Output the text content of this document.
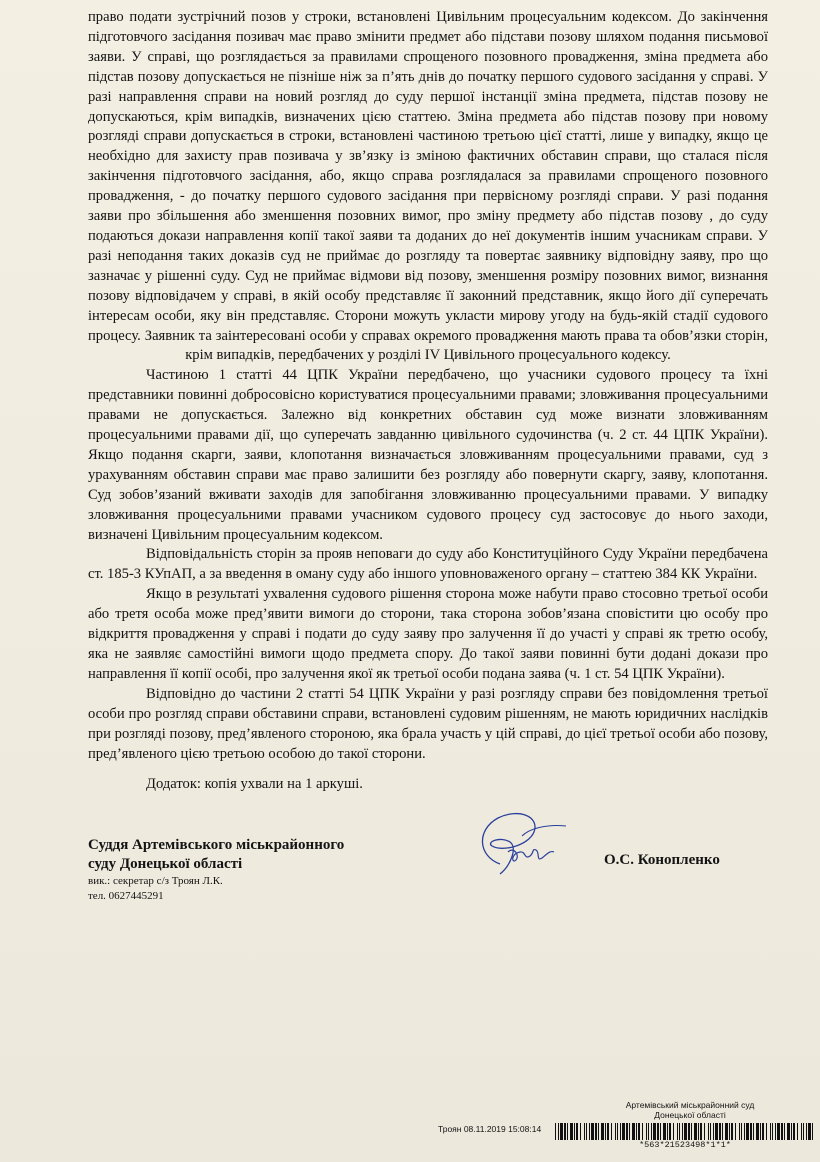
право подати зустрічний позов у строки, встановлені Цивільним процесуальним кодексом. До закінчення підготовчого засідання позивач має право змінити предмет або підстави позову шляхом подання письмової заяви. У справі, що розглядається за правилами спрощеного позовного провадження, зміна предмета або підстав позову допускається не пізніше ніж за п’ять днів до початку першого судового засідання у справі. У разі направлення справи на новий розгляд до суду першої інстанції зміна предмета, підстав позову не допускаються, крім випадків, визначених цією статтею. Зміна предмета або підстав позову при новому розгляді справи допускається в строки, встановлені частиною третьою цієї статті, лише у випадку, якщо це необхідно для захисту прав позивача у зв’язку із зміною фактичних обставин справи, що сталася після закінчення підготовчого засідання, або, якщо справа розглядалася за правилами спрощеного позовного провадження, - до початку першого судового засідання при первісному розгляді справи. У разі подання заяви про збільшення або зменшення позовних вимог, про зміну предмету або підстав позову , до суду подаються докази направлення копії такої заяви та доданих до неї документів іншим учасникам справи. У разі неподання таких доказів суд не приймає до розгляду та повертає заявнику відповідну заяву, про що зазначає у рішенні суду. Суд не приймає відмови від позову, зменшення розміру позовних вимог, визнання позову відповідачем у справі, в якій особу представляє її законний представник, якщо його дії суперечать інтересам особи, яку він представляє. Сторони можуть укласти мирову угоду на будь-якій стадії судового процесу. Заявник та заінтересовані особи у справах окремого провадження мають права та обов’язки сторін, крім випадків, передбачених у розділі IV Цивільного процесуального кодексу.

Частиною 1 статті 44 ЦПК України передбачено, що учасники судового процесу та їхні представники повинні добросовісно користуватися процесуальними правами; зловживання процесуальними правами не допускається. Залежно від конкретних обставин суд може визнати зловживанням процесуальними правами дії, що суперечать завданню цивільного судочинства (ч. 2 ст. 44 ЦПК України). Якщо подання скарги, заяви, клопотання визначається зловживанням процесуальними правами, суд з урахуванням обставин справи має право залишити без розгляду або повернути скаргу, заяву, клопотання. Суд зобов’язаний вживати заходів для запобігання зловживанню процесуальними правами. У випадку зловживання процесуальними правами учасником судового процесу суд застосовує до нього заходи, визначені Цивільним процесуальним кодексом.

Відповідальність сторін за прояв неповаги до суду або Конституційного Суду України передбачена ст. 185-3 КУпАП, а за введення в оману суду або іншого уповноваженого органу – статтею 384 КК України.

Якщо в результаті ухвалення судового рішення сторона може набути право стосовно третьої особи або третя особа може пред’явити вимоги до сторони, така сторона зобов’язана сповістити цю особу про відкриття провадження у справі і подати до суду заяву про залучення її до участі у справі як третю особу, яка не заявляє самостійні вимоги щодо предмета спору. До такої заяви повинні бути додані докази про направлення її копії особі, про залучення якої як третьої особи подана заява (ч. 1 ст. 54 ЦПК України).

Відповідно до частини 2 статті 54 ЦПК України у разі розгляду справи без повідомлення третьої особи про розгляд справи обставини справи, встановлені судовим рішенням, не мають юридичних наслідків при розгляді позову, пред’явленого стороною, яка брала участь у цій справі, до цієї третьої особи або позову, пред’явленого цією третьою особою до такої сторони.

Додаток: копія ухвали на 1 аркуші.

Суддя Артемівського міськрайонного

суду Донецької області

вик.: секретар с/з Троян Л.К.

тел. 0627445291

О.С. Конопленко
Артемівський міськрайонний суд
Донецької області
Троян 08.11.2019 15:08:14
*563*21523498*1*1*
